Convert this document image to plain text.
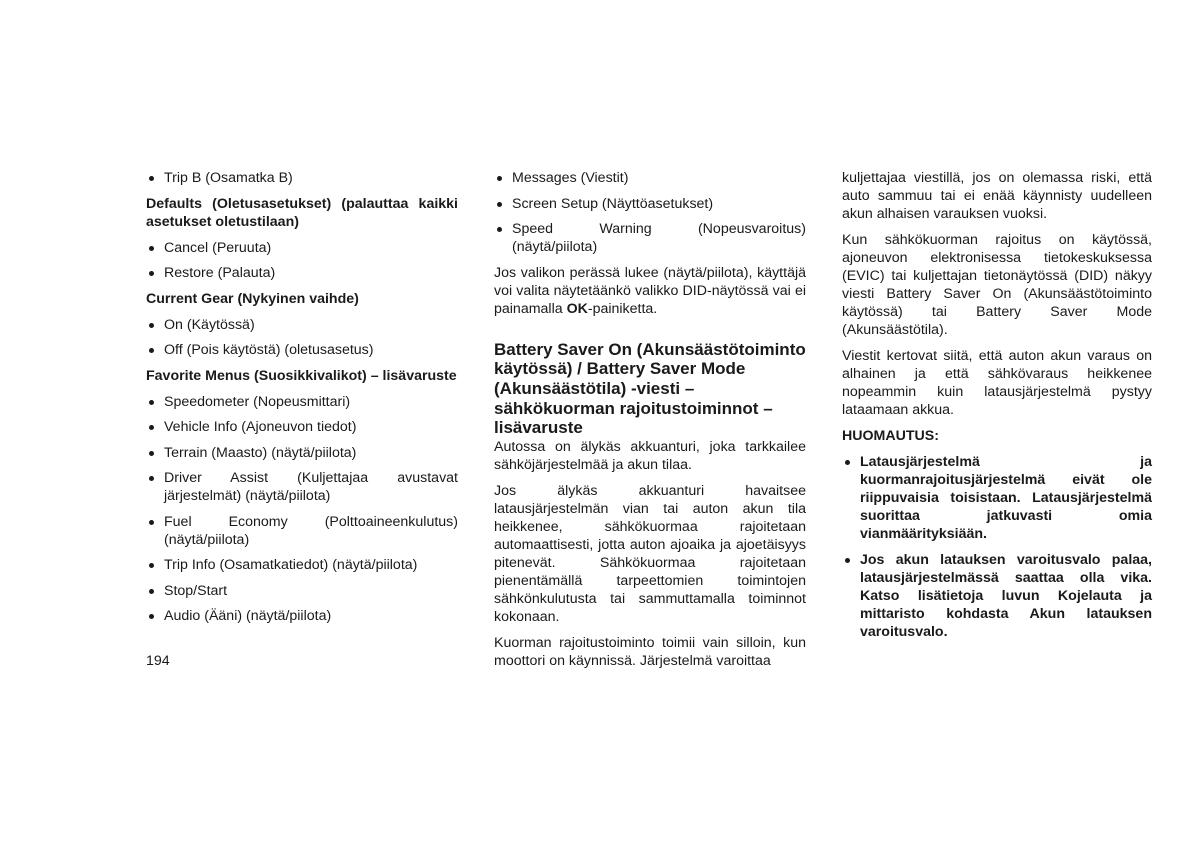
Trip B (Osamatka B)

Defaults (Oletusasetukset) (palauttaa kaikki asetukset oletustilaan)

Cancel (Peruuta)
Restore (Palauta)

Current Gear (Nykyinen vaihde)

On (Käytössä)
Off (Pois käytöstä) (oletusasetus)

Favorite Menus (Suosikkivalikot) – lisävaruste

Speedometer (Nopeusmittari)
Vehicle Info (Ajoneuvon tiedot)
Terrain (Maasto) (näytä/piilota)
Driver Assist (Kuljettajaa avustavat järjestelmät) (näytä/piilota)
Fuel Economy (Polttoaineenkulutus) (näytä/piilota)
Trip Info (Osamatkatiedot) (näytä/piilota)
Stop/Start
Audio (Ääni) (näytä/piilota)
194
Messages (Viestit)
Screen Setup (Näyttöasetukset)
Speed Warning (Nopeusvaroitus) (näytä/piilota)

Jos valikon perässä lukee (näytä/piilota), käyttäjä voi valita näytetäänkö valikko DID-näytössä vai ei painamalla OK-painiketta.

Battery Saver On (Akunsäästötoiminto käytössä) / Battery Saver Mode (Akunsäästötila) -viesti – sähkökuorman rajoitustoiminnot – lisävaruste

Autossa on älykäs akkuanturi, joka tarkkailee sähköjärjestelmää ja akun tilaa.

Jos älykäs akkuanturi havaitsee latausjärjestelmän vian tai auton akun tila heikkenee, sähkökuormaa rajoitetaan automaattisesti, jotta auton ajoaika ja ajoetäisyys pitenevät. Sähkökuormaa rajoitetaan pienentämällä tarpeettomien toimintojen sähkönkulutusta tai sammuttamalla toiminnot kokonaan.

Kuorman rajoitustoiminto toimii vain silloin, kun moottori on käynnissä. Järjestelmä varoittaa

kuljettajaa viestillä, jos on olemassa riski, että auto sammuu tai ei enää käynnisty uudelleen akun alhaisen varauksen vuoksi.

Kun sähkökuorman rajoitus on käytössä, ajoneuvon elektronisessa tietokeskuksessa (EVIC) tai kuljettajan tietonäytössä (DID) näkyy viesti Battery Saver On (Akunsäästötoiminto käytössä) tai Battery Saver Mode (Akunsäästötila).

Viestit kertovat siitä, että auton akun varaus on alhainen ja että sähkövaraus heikkenee nopeammin kuin latausjärjestelmä pystyy lataamaan akkua.

HUOMAUTUS:

Latausjärjestelmä ja kuormanrajoitusjärjestelmä eivät ole riippuvaisia toisistaan. Latausjärjestelmä suorittaa jatkuvasti omia vianmäärityksiään.
Jos akun latauksen varoitusvalo palaa, latausjärjestelmässä saattaa olla vika. Katso lisätietoja luvun Kojelauta ja mittaristo kohdasta Akun latauksen varoitusvalo.
